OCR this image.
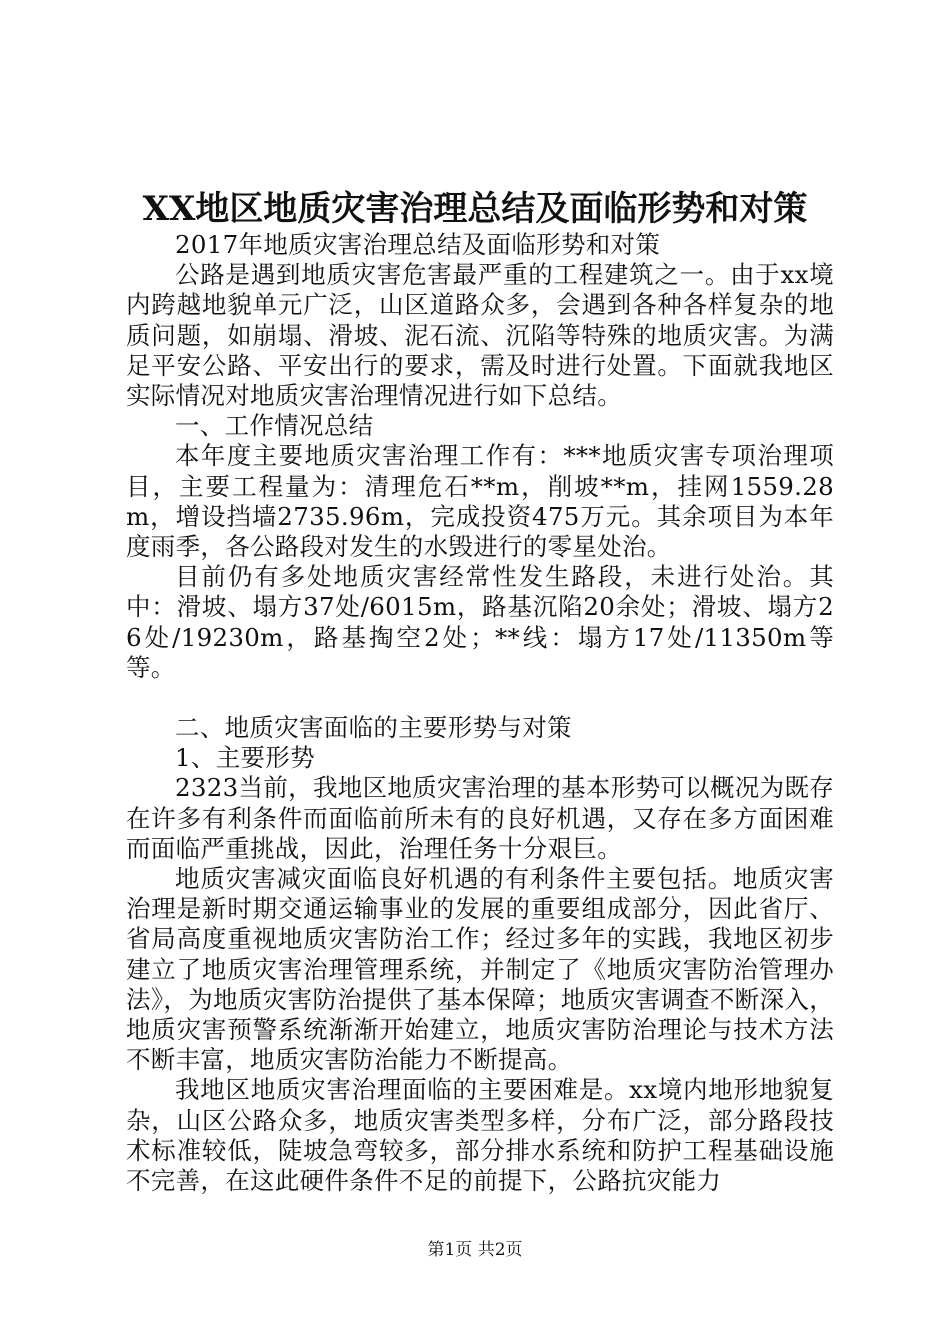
XX地区地质灾害治理总结及面临形势和对策

2017年地质灾害治理总结及面临形势和对策

公路是遇到地质灾害危害最严重的工程建筑之一。由于xx境内跨越地貌单元广泛，山区道路众多，会遇到各种各样复杂的地质问题，如崩塌、滑坡、泥石流、沉陷等特殊的地质灾害。为满足平安公路、平安出行的要求，需及时进行处置。下面就我地区实际情况对地质灾害治理情况进行如下总结。

一、工作情况总结

本年度主要地质灾害治理工作有：***地质灾害专项治理项目，主要工程量为：清理危石**m，削坡**m，挂网1559.28m，增设挡墙2735.96m，完成投资475万元。其余项目为本年度雨季，各公路段对发生的水毁进行的零星处治。

目前仍有多处地质灾害经常性发生路段，未进行处治。其中：滑坡、塌方37处/6015m，路基沉陷20余处；滑坡、塌方26处/19230m，路基掏空2处；**线：塌方17处/11350m等等。

二、地质灾害面临的主要形势与对策

1、主要形势

2323当前，我地区地质灾害治理的基本形势可以概况为既存在许多有利条件而面临前所未有的良好机遇，又存在多方面困难而面临严重挑战，因此，治理任务十分艰巨。

地质灾害减灾面临良好机遇的有利条件主要包括。地质灾害治理是新时期交通运输事业的发展的重要组成部分，因此省厅、省局高度重视地质灾害防治工作；经过多年的实践，我地区初步建立了地质灾害治理管理系统，并制定了《地质灾害防治管理办法》，为地质灾害防治提供了基本保障；地质灾害调查不断深入，地质灾害预警系统渐渐开始建立，地质灾害防治理论与技术方法不断丰富，地质灾害防治能力不断提高。

我地区地质灾害治理面临的主要困难是。xx境内地形地貌复杂，山区公路众多，地质灾害类型多样，分布广泛，部分路段技术标准较低，陡坡急弯较多，部分排水系统和防护工程基础设施不完善，在这此硬件条件不足的前提下，公路抗灾能力

第1页 共2页
